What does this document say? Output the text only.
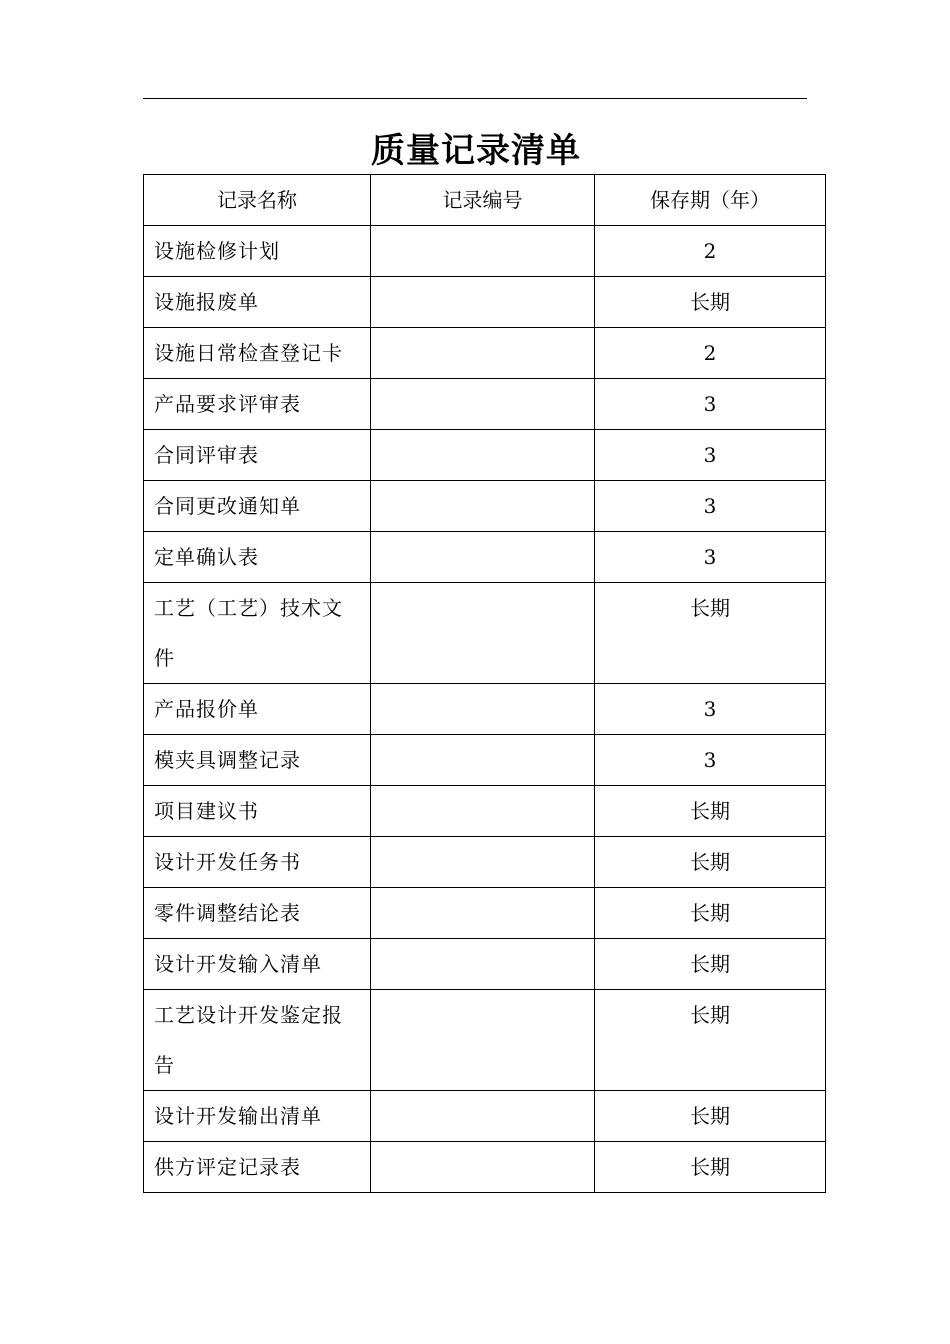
质量记录清单
记录名称	记录编号	保存期（年）
设施检修计划		2
设施报废单		长期
设施日常检查登记卡		2
产品要求评审表		3
合同评审表		3
合同更改通知单		3
定单确认表		3
工艺（工艺）技术文件		长期
产品报价单		3
模夹具调整记录		3
项目建议书		长期
设计开发任务书		长期
零件调整结论表		长期
设计开发输入清单		长期
工艺设计开发鉴定报告		长期
设计开发输出清单		长期
供方评定记录表		长期
